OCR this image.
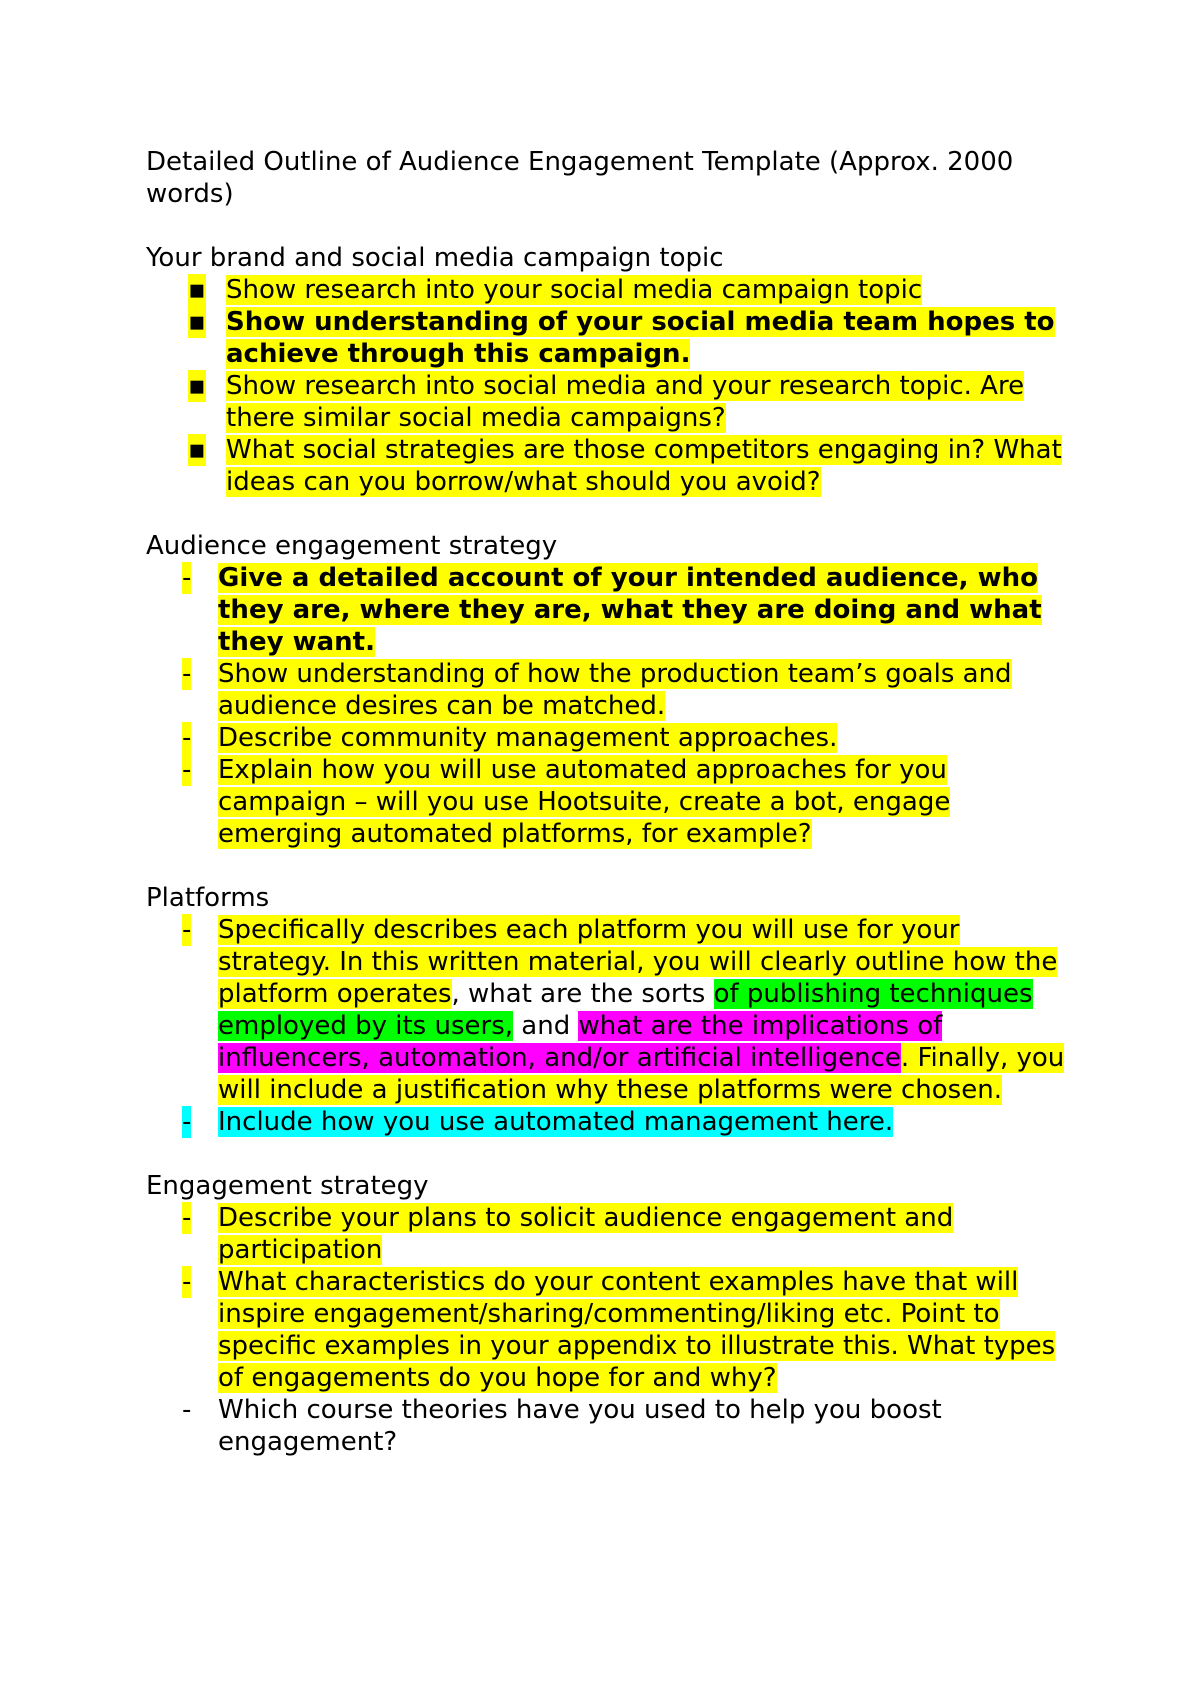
Detailed Outline of Audience Engagement Template (Approx. 2000 words)

Your brand and social media campaign topic
▪ Show research into your social media campaign topic
▪ Show understanding of your social media team hopes to achieve through this campaign.
▪ Show research into social media and your research topic. Are there similar social media campaigns?
▪ What social strategies are those competitors engaging in? What ideas can you borrow/what should you avoid?
Audience engagement strategy
- Give a detailed account of your intended audience, who they are, where they are, what they are doing and what they want.
- Show understanding of how the production team’s goals and audience desires can be matched.
- Describe community management approaches.
- Explain how you will use automated approaches for you campaign – will you use Hootsuite, create a bot, engage emerging automated platforms, for example?
Platforms
- Specifically describes each platform you will use for your strategy. In this written material, you will clearly outline how the platform operates, what are the sorts of publishing techniques employed by its users, and what are the implications of influencers, automation, and/or artificial intelligence. Finally, you will include a justification why these platforms were chosen.
- Include how you use automated management here.
Engagement strategy
- Describe your plans to solicit audience engagement and participation
- What characteristics do your content examples have that will inspire engagement/sharing/commenting/liking etc. Point to specific examples in your appendix to illustrate this. What types of engagements do you hope for and why?
- Which course theories have you used to help you boost engagement?
